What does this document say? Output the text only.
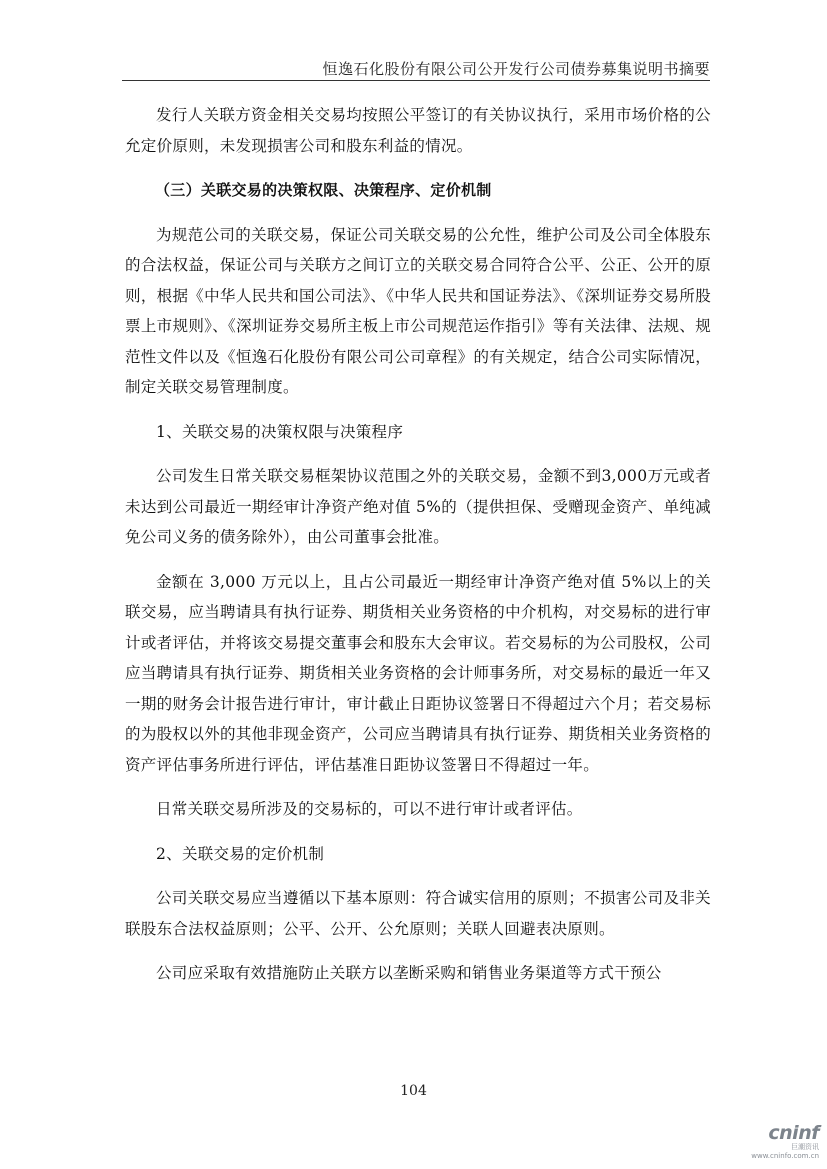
恒逸石化股份有限公司公开发行公司债券募集说明书摘要

发行人关联方资金相关交易均按照公平签订的有关协议执行，采用市场价格的公允定价原则，未发现损害公司和股东利益的情况。

（三）关联交易的决策权限、决策程序、定价机制

为规范公司的关联交易，保证公司关联交易的公允性，维护公司及公司全体股东的合法权益，保证公司与关联方之间订立的关联交易合同符合公平、公正、公开的原则，根据《中华人民共和国公司法》、《中华人民共和国证券法》、《深圳证券交易所股票上市规则》、《深圳证券交易所主板上市公司规范运作指引》等有关法律、法规、规范性文件以及《恒逸石化股份有限公司公司章程》的有关规定，结合公司实际情况，制定关联交易管理制度。

1、关联交易的决策权限与决策程序

公司发生日常关联交易框架协议范围之外的关联交易，金额不到3,000万元或者未达到公司最近一期经审计净资产绝对值 5%的（提供担保、受赠现金资产、单纯减免公司义务的债务除外），由公司董事会批准。

金额在 3,000 万元以上，且占公司最近一期经审计净资产绝对值 5%以上的关联交易，应当聘请具有执行证券、期货相关业务资格的中介机构，对交易标的进行审计或者评估，并将该交易提交董事会和股东大会审议。若交易标的为公司股权，公司应当聘请具有执行证券、期货相关业务资格的会计师事务所，对交易标的最近一年又一期的财务会计报告进行审计，审计截止日距协议签署日不得超过六个月；若交易标的为股权以外的其他非现金资产，公司应当聘请具有执行证券、期货相关业务资格的资产评估事务所进行评估，评估基准日距协议签署日不得超过一年。

日常关联交易所涉及的交易标的，可以不进行审计或者评估。

2、关联交易的定价机制

公司关联交易应当遵循以下基本原则：符合诚实信用的原则；不损害公司及非关联股东合法权益原则；公平、公开、公允原则；关联人回避表决原则。

公司应采取有效措施防止关联方以垄断采购和销售业务渠道等方式干预公

104
cninf
巨潮资讯
www.cninfo.com.cn
